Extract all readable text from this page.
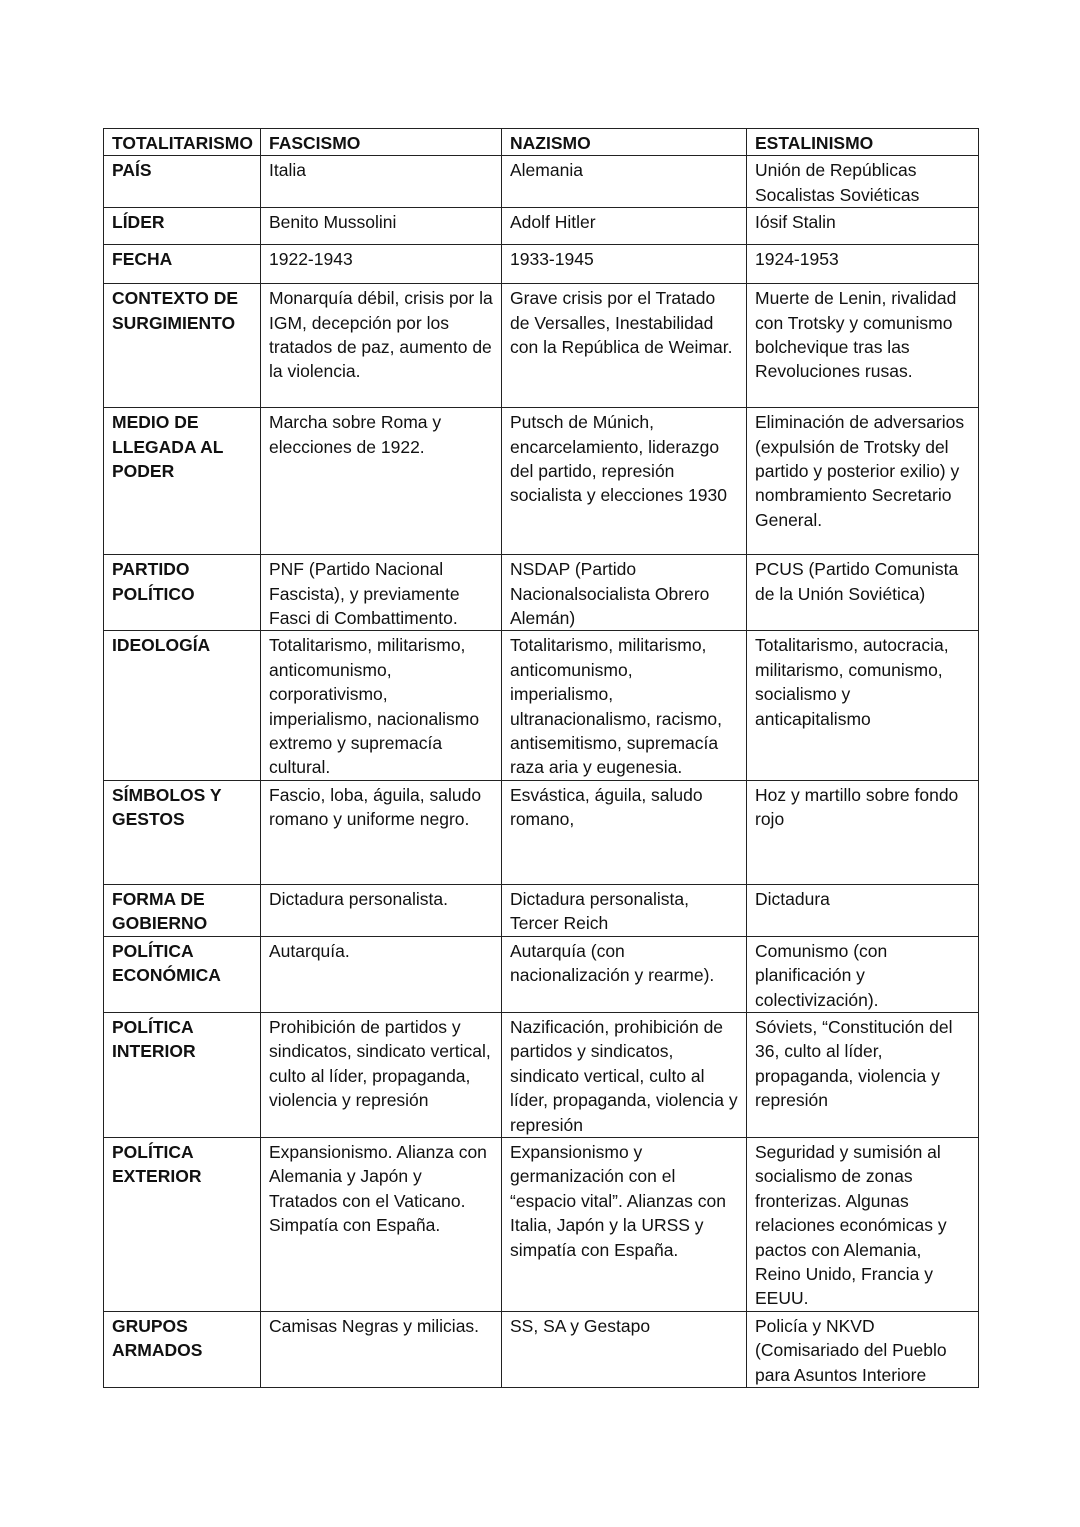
TOTALITARISMO	FASCISMO	NAZISMO	ESTALINISMO
PAÍS	Italia	Alemania	Unión de Repúblicas Socalistas Soviéticas
LÍDER	Benito Mussolini	Adolf Hitler	Iósif Stalin
FECHA	1922-1943	1933-1945	1924-1953
CONTEXTO DE SURGIMIENTO	Monarquía débil, crisis por la IGM, decepción por los tratados de paz, aumento de la violencia.	Grave crisis por el Tratado de Versalles, Inestabilidad con la República de Weimar.	Muerte de Lenin, rivalidad con Trotsky y comunismo bolchevique tras las Revoluciones rusas.
MEDIO DE LLEGADA AL PODER	Marcha sobre Roma y elecciones de 1922.	Putsch de Múnich, encarcelamiento, liderazgo del partido, represión socialista y elecciones 1930	Eliminación de adversarios (expulsión de Trotsky del partido y posterior exilio) y nombramiento Secretario General.
PARTIDO POLÍTICO	PNF (Partido Nacional Fascista), y previamente Fasci di Combattimento.	NSDAP (Partido Nacionalsocialista Obrero Alemán)	PCUS (Partido Comunista de la Unión Soviética)
IDEOLOGÍA	Totalitarismo, militarismo, anticomunismo, corporativismo, imperialismo, nacionalismo extremo y supremacía cultural.	Totalitarismo, militarismo, anticomunismo, imperialismo, ultranacionalismo, racismo, antisemitismo, supremacía raza aria y eugenesia.	Totalitarismo, autocracia, militarismo, comunismo, socialismo y anticapitalismo
SÍMBOLOS Y GESTOS	Fascio, loba, águila, saludo romano y uniforme negro.	Esvástica, águila, saludo romano,	Hoz y martillo sobre fondo rojo
FORMA DE GOBIERNO	Dictadura personalista.	Dictadura personalista, Tercer Reich	Dictadura
POLÍTICA ECONÓMICA	Autarquía.	Autarquía (con nacionalización y rearme).	Comunismo (con planificación y colectivización).
POLÍTICA INTERIOR	Prohibición de partidos y sindicatos, sindicato vertical, culto al líder, propaganda, violencia y represión	Nazificación, prohibición de partidos y sindicatos, sindicato vertical, culto al líder, propaganda, violencia y represión	Sóviets, “Constitución del 36, culto al líder, propaganda, violencia y represión
POLÍTICA EXTERIOR	Expansionismo. Alianza con Alemania y Japón y Tratados con el Vaticano. Simpatía con España.	Expansionismo y germanización con el “espacio vital”. Alianzas con Italia, Japón y la URSS y simpatía con España.	Seguridad y sumisión al socialismo de zonas fronterizas. Algunas relaciones económicas y pactos con Alemania, Reino Unido, Francia y EEUU.
GRUPOS ARMADOS	Camisas Negras y milicias.	SS, SA y Gestapo	Policía y NKVD (Comisariado del Pueblo para Asuntos Interiore
